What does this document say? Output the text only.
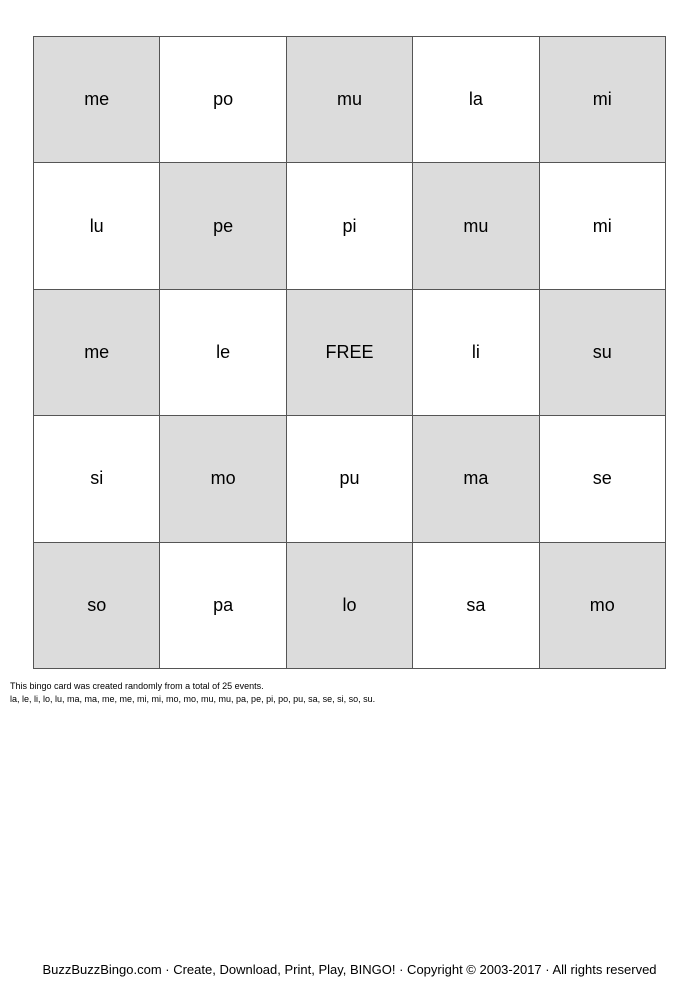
me	po	mu	la	mi
lu	pe	pi	mu	mi
me	le	FREE	li	su
si	mo	pu	ma	se
so	pa	lo	sa	mo
This bingo card was created randomly from a total of 25 events.
la, le, li, lo, lu, ma, ma, me, me, mi, mi, mo, mo, mu, mu, pa, pe, pi, po, pu, sa, se, si, so, su.
BuzzBuzzBingo.com · Create, Download, Print, Play, BINGO! · Copyright © 2003-2017 · All rights reserved
